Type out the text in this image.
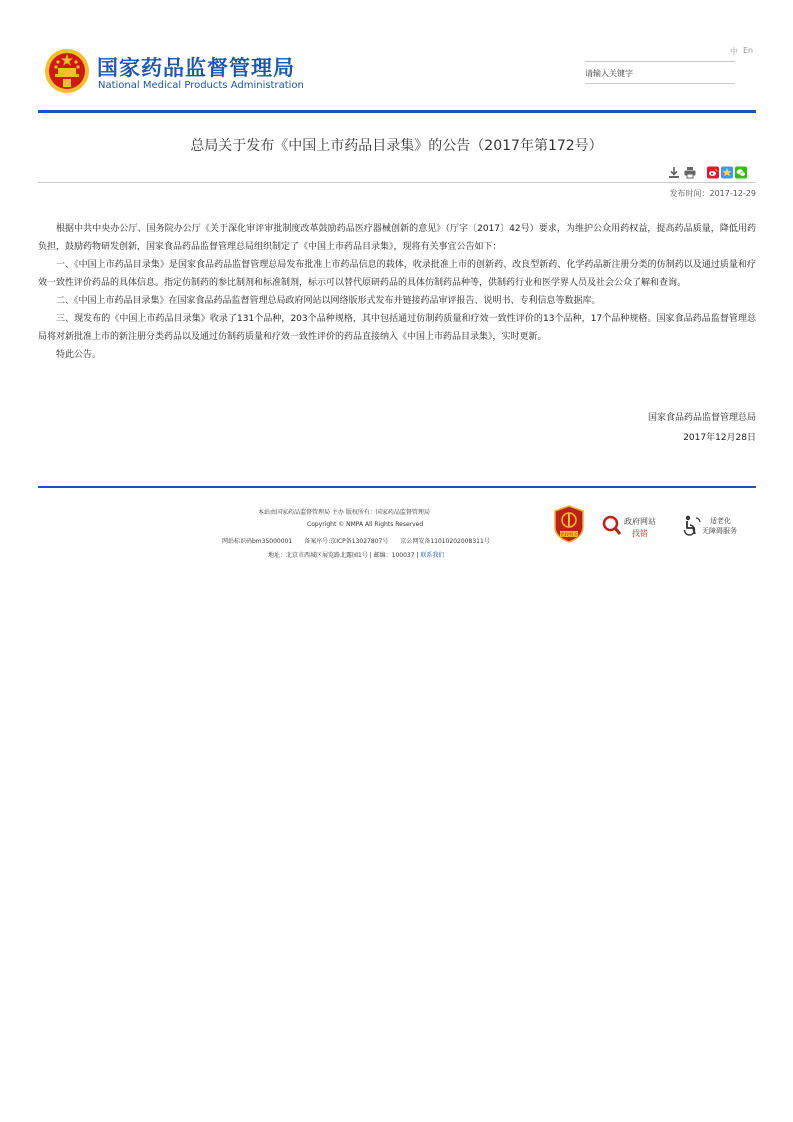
国家药品监督管理局
National Medical Products Administration
中 En
请输入关键字
总局关于发布《中国上市药品目录集》的公告（2017年第172号）
发布时间：2017-12-29

根据中共中央办公厅、国务院办公厅《关于深化审评审批制度改革鼓励药品医疗器械创新的意见》（厅字〔2017〕42号）要求，为维护公众用药权益，提高药品质量，降低用药负担，鼓励药物研发创新，国家食品药品监督管理总局组织制定了《中国上市药品目录集》，现将有关事宜公告如下：

一、《中国上市药品目录集》是国家食品药品监督管理总局发布批准上市药品信息的载体，收录批准上市的创新药、改良型新药、化学药品新注册分类的仿制药以及通过质量和疗效一致性评价药品的具体信息。指定仿制药的参比制剂和标准制剂，标示可以替代原研药品的具体仿制药品种等，供制药行业和医学界人员及社会公众了解和查询。

二、《中国上市药品目录集》在国家食品药品监督管理总局政府网站以网络版形式发布并链接药品审评报告、说明书、专利信息等数据库。

三、现发布的《中国上市药品目录集》收录了131个品种，203个品种规格，其中包括通过仿制药质量和疗效一致性评价的13个品种，17个品种规格。国家食品药品监督管理总局将对新批准上市的新注册分类药品以及通过仿制药质量和疗效一致性评价的药品直接纳入《中国上市药品目录集》，实时更新。

特此公告。

国家食品药品监督管理总局
2017年12月28日
本站由国家药品监督管理局 主办 版权所有：国家药品监督管理局
Copyright © NMPA All Rights Reserved
网站标识码bm35000001　　备案序号:京ICP备13027807号　　京公网安备11010202008311号
地址：北京市西城区展览路北露园1号 | 邮编：100037 | 联系我们
党政机关
政府网站
找错
适老化
无障碍服务
